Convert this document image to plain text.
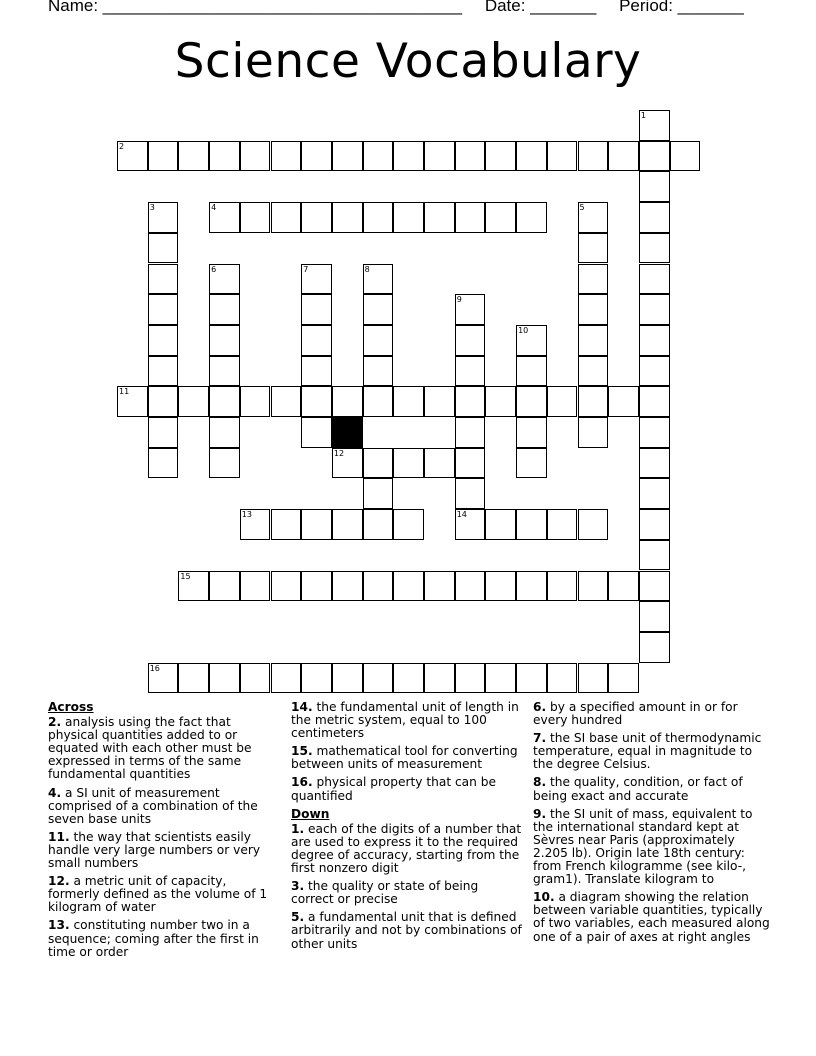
Name: ______________________________________ Date: _______ Period: _______
Science Vocabulary
1
2
3	4	5
6	7	8
9
14
10
11
12
13
15
16
Across
2. analysis using the fact that physical quantities added to or equated with each other must be expressed in terms of the same fundamental quantities
4. a SI unit of measurement comprised of a combination of the seven base units
11. the way that scientists easily handle very large numbers or very small numbers
12. a metric unit of capacity, formerly defined as the volume of 1 kilogram of water
13. constituting number two in a sequence; coming after the first in time or order
14. the fundamental unit of length in the metric system, equal to 100 centimeters
15. mathematical tool for converting between units of measurement
16. physical property that can be quantified
Down
1. each of the digits of a number that are used to express it to the required degree of accuracy, starting from the first nonzero digit
3. the quality or state of being correct or precise
5. a fundamental unit that is defined arbitrarily and not by combinations of other units
6. by a specified amount in or for every hundred
7. the SI base unit of thermodynamic temperature, equal in magnitude to the degree Celsius.
8. the quality, condition, or fact of being exact and accurate
9. the SI unit of mass, equivalent to the international standard kept at Sèvres near Paris (approximately 2.205 lb). Origin late 18th century: from French kilogramme (see kilo-, gram1). Translate kilogram to
10. a diagram showing the relation between variable quantities, typically of two variables, each measured along one of a pair of axes at right angles
